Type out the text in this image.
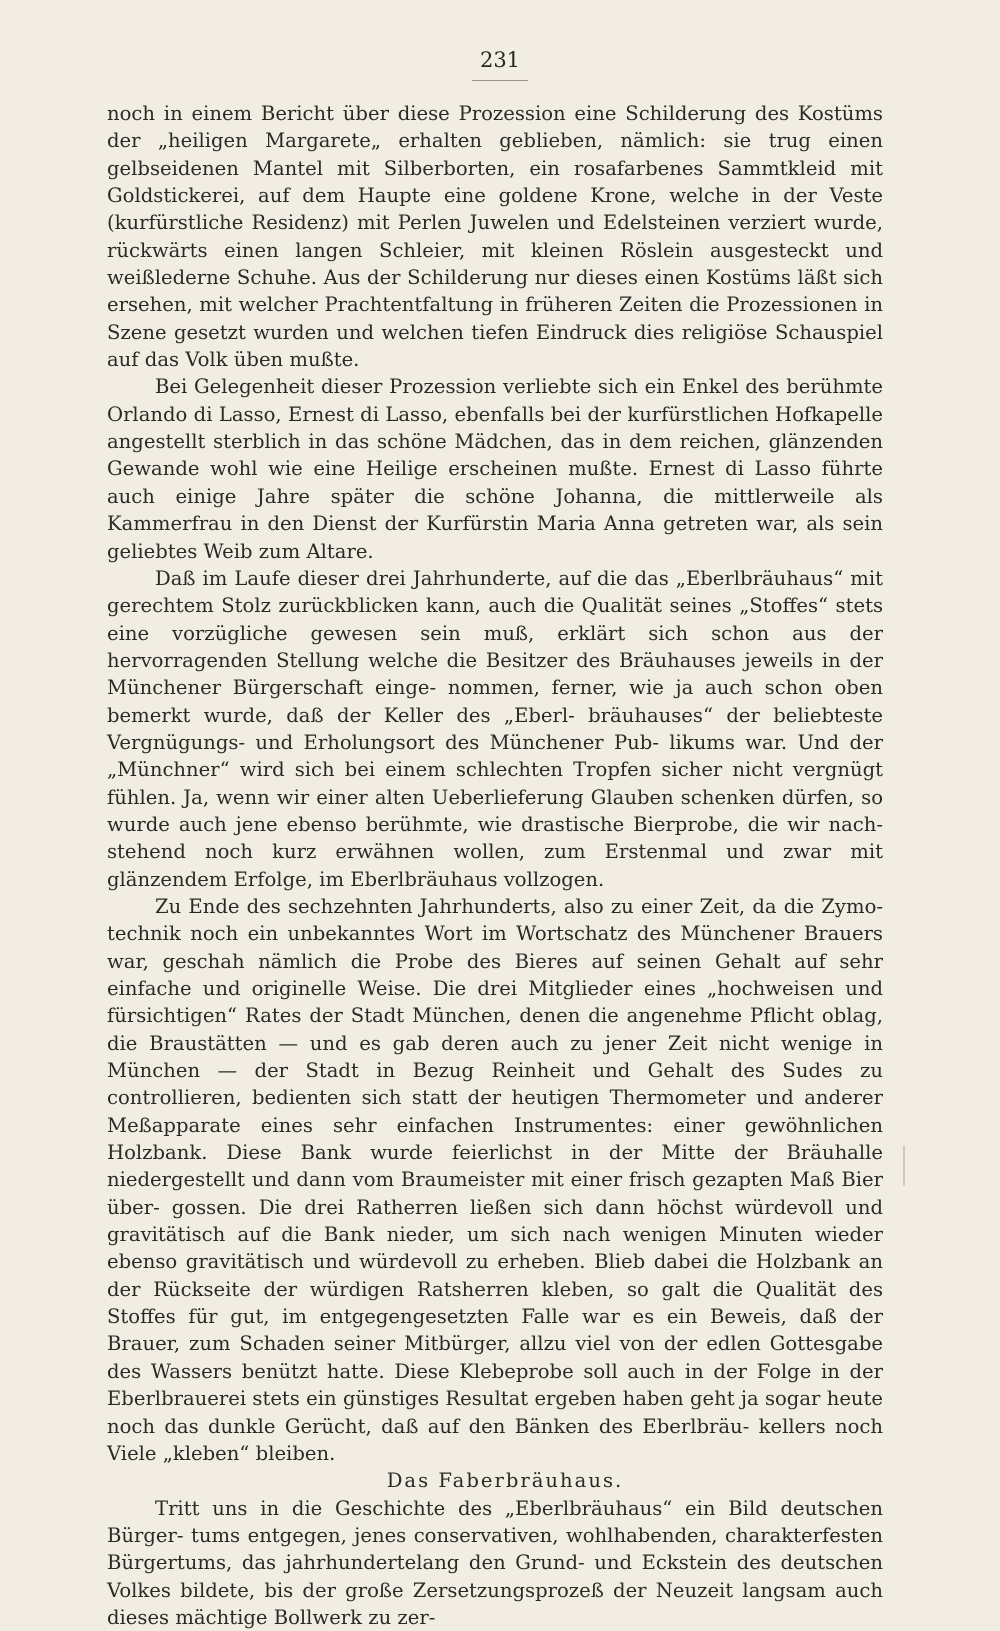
231

noch in einem Bericht über diese Prozession eine Schilderung des Kostüms der „heiligen Margarete„ erhalten geblieben, nämlich: sie trug einen gelbseidenen Mantel mit Silberborten, ein rosafarbenes Sammtkleid mit Goldstickerei, auf dem Haupte eine goldene Krone, welche in der Veste (kurfürstliche Residenz) mit Perlen Juwelen und Edelsteinen verziert wurde, rückwärts einen langen Schleier, mit kleinen Röslein ausgesteckt und weißlederne Schuhe. Aus der Schilderung nur dieses einen Kostüms läßt sich ersehen, mit welcher Prachtentfaltung in früheren Zeiten die Prozessionen in Szene gesetzt wurden und welchen tiefen Eindruck dies religiöse Schauspiel auf das Volk üben mußte.

Bei Gelegenheit dieser Prozession verliebte sich ein Enkel des berühmte Orlando di Lasso, Ernest di Lasso, ebenfalls bei der kurfürstlichen Hofkapelle angestellt sterblich in das schöne Mädchen, das in dem reichen, glänzenden Gewande wohl wie eine Heilige erscheinen mußte. Ernest di Lasso führte auch einige Jahre später die schöne Johanna, die mittlerweile als Kammerfrau in den Dienst der Kurfürstin Maria Anna getreten war, als sein geliebtes Weib zum Altare.

Daß im Laufe dieser drei Jahrhunderte, auf die das „Eberlbräuhaus“ mit gerechtem Stolz zurückblicken kann, auch die Qualität seines „Stoffes“ stets eine vorzügliche gewesen sein muß, erklärt sich schon aus der hervorragenden Stellung welche die Besitzer des Bräuhauses jeweils in der Münchener Bürgerschaft einge- nommen, ferner, wie ja auch schon oben bemerkt wurde, daß der Keller des „Eberl- bräuhauses“ der beliebteste Vergnügungs- und Erholungsort des Münchener Pub- likums war. Und der „Münchner“ wird sich bei einem schlechten Tropfen sicher nicht vergnügt fühlen. Ja, wenn wir einer alten Ueberlieferung Glauben schenken dürfen, so wurde auch jene ebenso berühmte, wie drastische Bierprobe, die wir nach- stehend noch kurz erwähnen wollen, zum Erstenmal und zwar mit glänzendem Erfolge, im Eberlbräuhaus vollzogen.

Zu Ende des sechzehnten Jahrhunderts, also zu einer Zeit, da die Zymo- technik noch ein unbekanntes Wort im Wortschatz des Münchener Brauers war, geschah nämlich die Probe des Bieres auf seinen Gehalt auf sehr einfache und originelle Weise. Die drei Mitglieder eines „hochweisen und fürsichtigen“ Rates der Stadt München, denen die angenehme Pflicht oblag, die Braustätten — und es gab deren auch zu jener Zeit nicht wenige in München — der Stadt in Bezug Reinheit und Gehalt des Sudes zu controllieren, bedienten sich statt der heutigen Thermometer und anderer Meßapparate eines sehr einfachen Instrumentes: einer gewöhnlichen Holzbank. Diese Bank wurde feierlichst in der Mitte der Bräuhalle niedergestellt und dann vom Braumeister mit einer frisch gezapten Maß Bier über- gossen. Die drei Ratherren ließen sich dann höchst würdevoll und gravitätisch auf die Bank nieder, um sich nach wenigen Minuten wieder ebenso gravitätisch und würdevoll zu erheben. Blieb dabei die Holzbank an der Rückseite der würdigen Ratsherren kleben, so galt die Qualität des Stoffes für gut, im entgegengesetzten Falle war es ein Beweis, daß der Brauer, zum Schaden seiner Mitbürger, allzu viel von der edlen Gottesgabe des Wassers benützt hatte. Diese Klebeprobe soll auch in der Folge in der Eberlbrauerei stets ein günstiges Resultat ergeben haben geht ja sogar heute noch das dunkle Gerücht, daß auf den Bänken des Eberlbräu- kellers noch Viele „kleben“ bleiben.

Das Faberbräuhaus.

Tritt uns in die Geschichte des „Eberlbräuhaus“ ein Bild deutschen Bürger- tums entgegen, jenes conservativen, wohlhabenden, charakterfesten Bürgertums, das jahrhundertelang den Grund- und Eckstein des deutschen Volkes bildete, bis der große Zersetzungsprozeß der Neuzeit langsam auch dieses mächtige Bollwerk zu zer-
